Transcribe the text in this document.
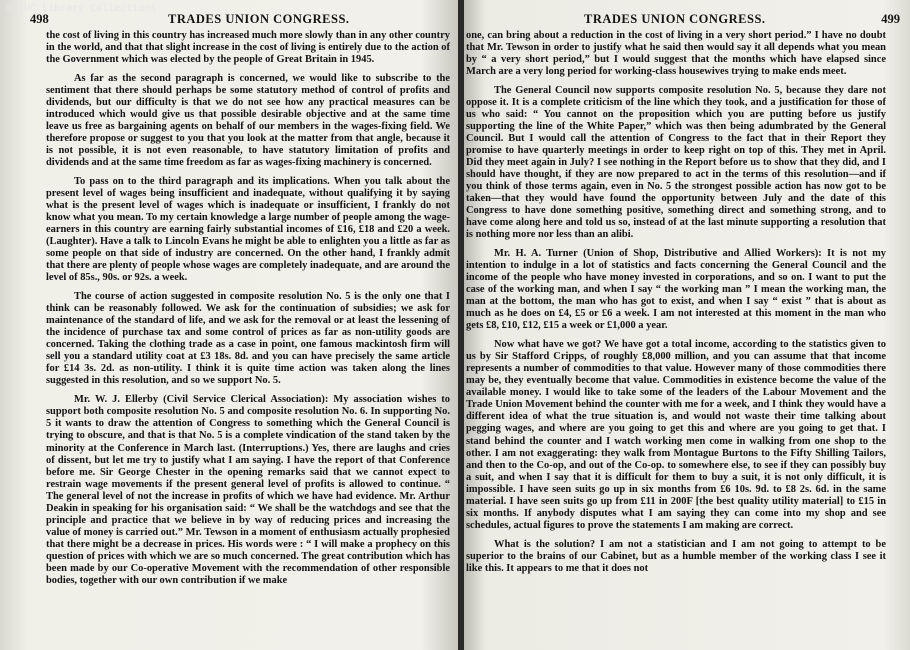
© TUC Library Collections
498	TRADES UNION CONGRESS.

the cost of living in this country has increased much more slowly than in any other country in the world, and that that slight increase in the cost of living is entirely due to the action of the Government which was elected by the people of Great Britain in 1945.

As far as the second paragraph is concerned, we would like to subscribe to the sentiment that there should perhaps be some statutory method of control of profits and dividends, but our difficulty is that we do not see how any practical measures can be introduced which would give us that possible desirable objective and at the same time leave us free as bargaining agents on behalf of our members in the wages-fixing field. We therefore propose or suggest to you that you look at the matter from that angle, because it is not possible, it is not even reasonable, to have statutory limitation of profits and dividends and at the same time freedom as far as wages-fixing machinery is concerned.

To pass on to the third paragraph and its implications. When you talk about the present level of wages being insufficient and inadequate, without qualifying it by saying what is the present level of wages which is inadequate or insufficient, I frankly do not know what you mean. To my certain knowledge a large number of people among the wage-earners in this country are earning fairly substantial incomes of £16, £18 and £20 a week. (Laughter). Have a talk to Lincoln Evans he might be able to enlighten you a little as far as some people on that side of industry are concerned. On the other hand, I frankly admit that there are plenty of people whose wages are completely inadequate, and are around the level of 85s., 90s. or 92s. a week.

The course of action suggested in composite resolution No. 5 is the only one that I think can be reasonably followed. We ask for the continuation of subsidies; we ask for maintenance of the standard of life, and we ask for the removal or at least the lessening of the incidence of purchase tax and some control of prices as far as non-utility goods are concerned. Taking the clothing trade as a case in point, one famous mackintosh firm will sell you a standard utility coat at £3 18s. 8d. and you can have precisely the same article for £14 3s. 2d. as non-utility. I think it is quite time action was taken along the lines suggested in this resolution, and so we support No. 5.

Mr. W. J. Ellerby (Civil Service Clerical Association): My association wishes to support both composite resolution No. 5 and composite resolution No. 6. In supporting No. 5 it wants to draw the attention of Congress to something which the General Council is trying to obscure, and that is that No. 5 is a complete vindication of the stand taken by the minority at the Conference in March last. (Interruptions.) Yes, there are laughs and cries of dissent, but let me try to justify what I am saying. I have the report of that Conference before me. Sir George Chester in the opening remarks said that we cannot expect to restrain wage movements if the present general level of profits is allowed to continue. “ The general level of not the increase in profits of which we have had evidence. Mr. Arthur Deakin in speaking for his organisation said: “ We shall be the watchdogs and see that the principle and practice that we believe in by way of reducing prices and increasing the value of money is carried out.” Mr. Tewson in a moment of enthusiasm actually prophesied that there might be a decrease in prices. His words were : “ I will make a prophecy on this question of prices with which we are so much concerned. The great contribution which has been made by our Co-operative Movement with the recommendation of other responsible bodies, together with our own contribution if we make

TRADES UNION CONGRESS.	499

one, can bring about a reduction in the cost of living in a very short period.” I have no doubt that Mr. Tewson in order to justify what he said then would say it all depends what you mean by “ a very short period,” but I would suggest that the months which have elapsed since March are a very long period for working-class housewives trying to make ends meet.

The General Council now supports composite resolution No. 5, because they dare not oppose it. It is a complete criticism of the line which they took, and a justification for those of us who said: “ You cannot on the proposition which you are putting before us justify supporting the line of the White Paper,” which was then being adumbrated by the General Council. But I would call the attention of Congress to the fact that in their Report they promise to have quarterly meetings in order to keep right on top of this. They met in April. Did they meet again in July? I see nothing in the Report before us to show that they did, and I should have thought, if they are now prepared to act in the terms of this resolution—and if you think of those terms again, even in No. 5 the strongest possible action has now got to be taken—that they would have found the opportunity between July and the date of this Congress to have done something positive, something direct and something strong, and to have come along here and told us so, instead of at the last minute supporting a resolution that is nothing more nor less than an alibi.

Mr. H. A. Turner (Union of Shop, Distributive and Allied Workers): It is not my intention to indulge in a lot of statistics and facts concerning the General Council and the income of the people who have money invested in corporations, and so on. I want to put the case of the working man, and when I say “ the working man ” I mean the working man, the man at the bottom, the man who has got to exist, and when I say “ exist ” that is about as much as he does on £4, £5 or £6 a week. I am not interested at this moment in the man who gets £8, £10, £12, £15 a week or £1,000 a year.

Now what have we got? We have got a total income, according to the statistics given to us by Sir Stafford Cripps, of roughly £8,000 million, and you can assume that that income represents a number of commodities to that value. However many of those commodities there may be, they eventually become that value. Commodities in existence become the value of the available money. I would like to take some of the leaders of the Labour Movement and the Trade Union Movement behind the counter with me for a week, and I think they would have a different idea of what the true situation is, and would not waste their time talking about pegging wages, and where are you going to get this and where are you going to get that. I stand behind the counter and I watch working men come in walking from one shop to the other. I am not exaggerating: they walk from Montague Burtons to the Fifty Shilling Tailors, and then to the Co-op, and out of the Co-op. to somewhere else, to see if they can possibly buy a suit, and when I say that it is difficult for them to buy a suit, it is not only difficult, it is impossible. I have seen suits go up in six months from £6 10s. 9d. to £8 2s. 6d. in the same material. I have seen suits go up from £11 in 200F [the best quality utility material] to £15 in six months. If anybody disputes what I am saying they can come into my shop and see schedules, actual figures to prove the statements I am making are correct.

What is the solution? I am not a statistician and I am not going to attempt to be superior to the brains of our Cabinet, but as a humble member of the working class I see it like this. It appears to me that it does not
